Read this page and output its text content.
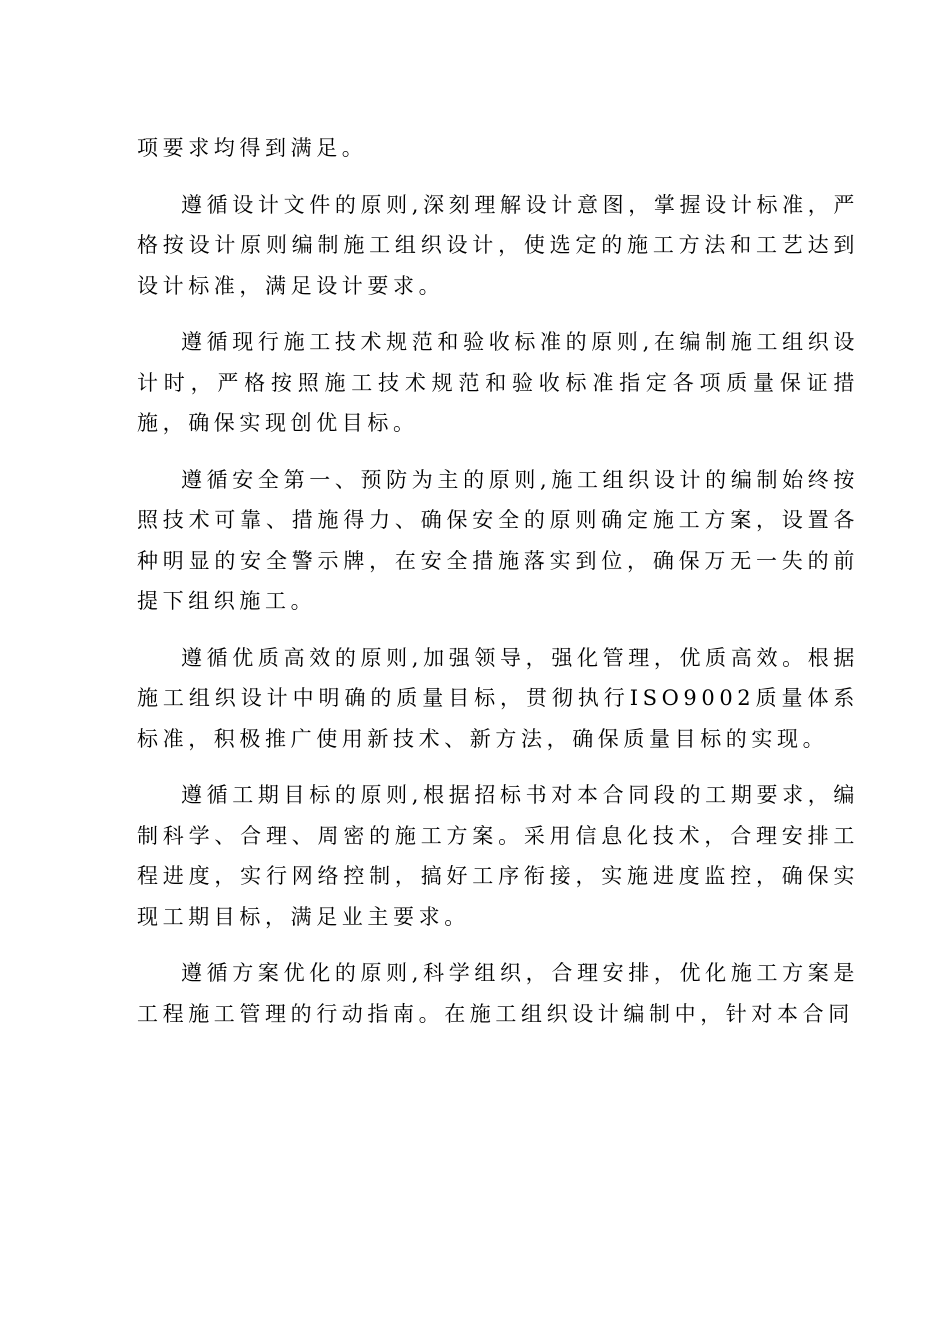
项要求均得到满足。

遵循设计文件的原则,深刻理解设计意图，掌握设计标准，严格按设计原则编制施工组织设计，使选定的施工方法和工艺达到设计标准，满足设计要求。

遵循现行施工技术规范和验收标准的原则,在编制施工组织设计时，严格按照施工技术规范和验收标准指定各项质量保证措施，确保实现创优目标。

遵循安全第一、预防为主的原则,施工组织设计的编制始终按照技术可靠、措施得力、确保安全的原则确定施工方案，设置各种明显的安全警示牌，在安全措施落实到位，确保万无一失的前提下组织施工。

遵循优质高效的原则,加强领导，强化管理，优质高效。根据施工组织设计中明确的质量目标，贯彻执行ISO9002质量体系标准，积极推广使用新技术、新方法，确保质量目标的实现。

遵循工期目标的原则,根据招标书对本合同段的工期要求，编制科学、合理、周密的施工方案。采用信息化技术，合理安排工程进度，实行网络控制，搞好工序衔接，实施进度监控，确保实现工期目标，满足业主要求。

遵循方案优化的原则,科学组织，合理安排，优化施工方案是工程施工管理的行动指南。在施工组织设计编制中，针对本合同
